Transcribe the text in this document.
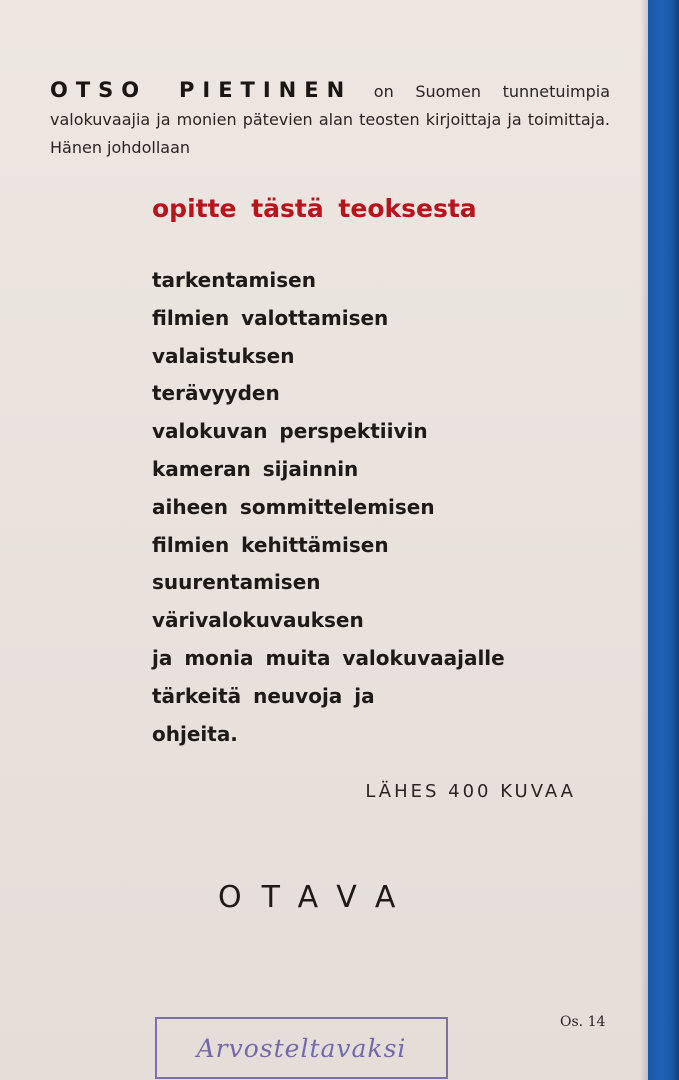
OTSO PIETINEN on Suomen tunnetuimpia valokuvaajia ja monien pätevien alan teosten kirjoittaja ja toimittaja. Hänen johdollaan

opitte tästä teoksesta
tarkentamisen
filmien valottamisen
valaistuksen
terävyyden
valokuvan perspektiivin
kameran sijainnin
aiheen sommittelemisen
filmien kehittämisen
suurentamisen
värivalokuvauksen
ja monia muita valokuvaajalle
tärkeitä neuvoja ja
ohjeita.
LÄHES 400 KUVAA
OTAVA
Arvosteltavaksi
Os. 14
